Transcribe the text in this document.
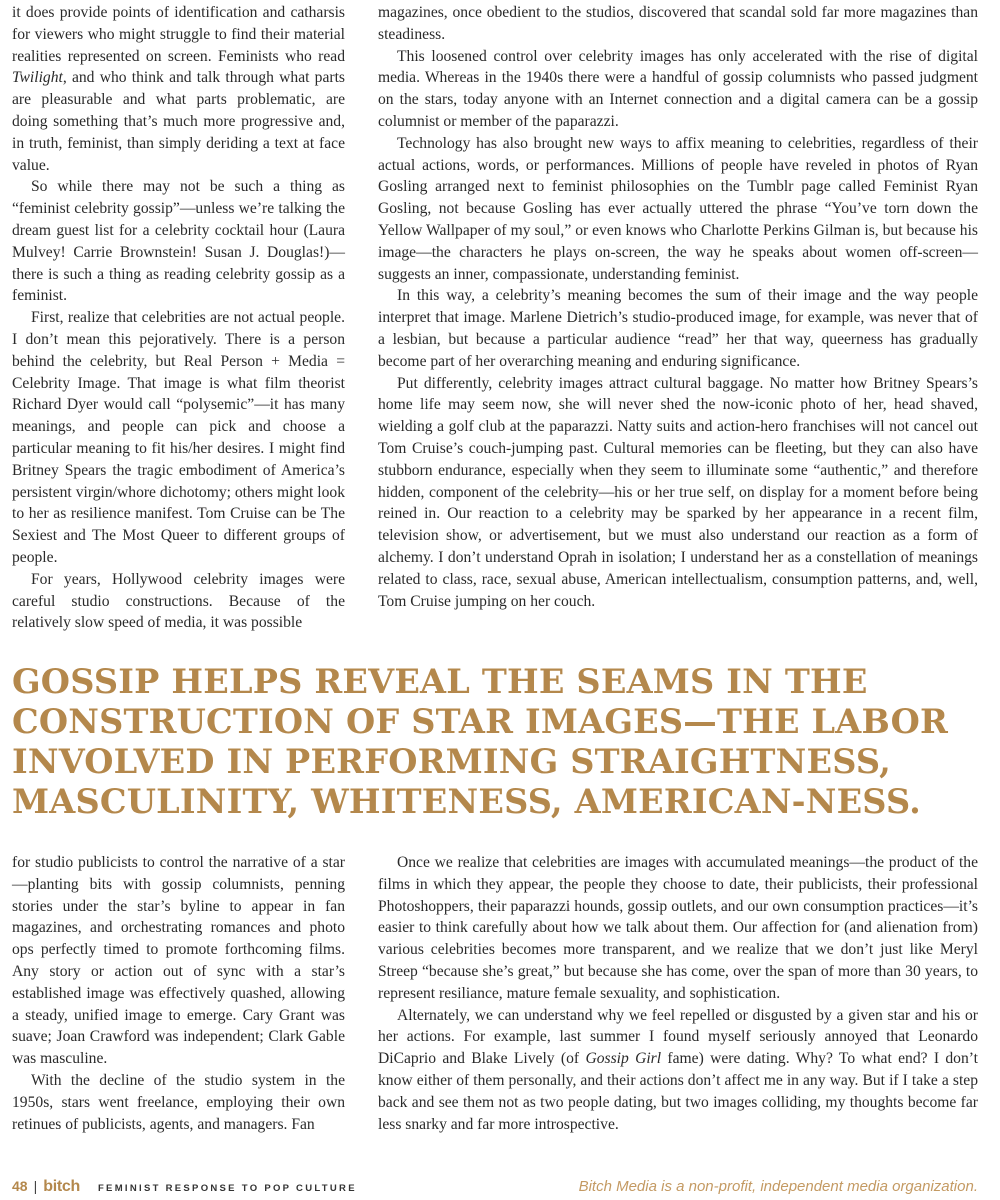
it does provide points of identification and catharsis for viewers who might struggle to find their material realities represented on screen. Feminists who read Twilight, and who think and talk through what parts are pleasurable and what parts problematic, are doing something that’s much more progressive and, in truth, feminist, than simply deriding a text at face value.

So while there may not be such a thing as “feminist celebrity gossip”—unless we’re talking the dream guest list for a celebrity cocktail hour (Laura Mulvey! Carrie Brownstein! Susan J. Douglas!)—there is such a thing as reading celebrity gossip as a feminist.

First, realize that celebrities are not actual people. I don’t mean this pejoratively. There is a person behind the celebrity, but Real Person + Media = Celebrity Image. That image is what film theorist Richard Dyer would call “polysemic”—it has many meanings, and people can pick and choose a particular meaning to fit his/her desires. I might find Britney Spears the tragic embodiment of America’s persistent virgin/whore dichotomy; others might look to her as resilience manifest. Tom Cruise can be The Sexiest and The Most Queer to different groups of people.

For years, Hollywood celebrity images were careful studio constructions. Because of the relatively slow speed of media, it was possible

magazines, once obedient to the studios, discovered that scandal sold far more magazines than steadiness.

This loosened control over celebrity images has only accelerated with the rise of digital media. Whereas in the 1940s there were a handful of gossip columnists who passed judgment on the stars, today anyone with an Internet connection and a digital camera can be a gossip columnist or member of the paparazzi.

Technology has also brought new ways to affix meaning to celebrities, regardless of their actual actions, words, or performances. Millions of people have reveled in photos of Ryan Gosling arranged next to feminist philosophies on the Tumblr page called Feminist Ryan Gosling, not because Gosling has ever actually uttered the phrase “You’ve torn down the Yellow Wallpaper of my soul,” or even knows who Charlotte Perkins Gilman is, but because his image—the characters he plays on-screen, the way he speaks about women off-screen—suggests an inner, compassionate, understanding feminist.

In this way, a celebrity’s meaning becomes the sum of their image and the way people interpret that image. Marlene Dietrich’s studio-produced image, for example, was never that of a lesbian, but because a particular audience “read” her that way, queerness has gradually become part of her overarching meaning and enduring significance.

Put differently, celebrity images attract cultural baggage. No matter how Britney Spears’s home life may seem now, she will never shed the now-iconic photo of her, head shaved, wielding a golf club at the paparazzi. Natty suits and action-hero franchises will not cancel out Tom Cruise’s couch-jumping past. Cultural memories can be fleeting, but they can also have stubborn endurance, especially when they seem to illuminate some “authentic,” and therefore hidden, component of the celebrity—his or her true self, on display for a moment before being reined in. Our reaction to a celebrity may be sparked by her appearance in a recent film, television show, or advertisement, but we must also understand our reaction as a form of alchemy. I don’t understand Oprah in isolation; I understand her as a constellation of meanings related to class, race, sexual abuse, American intellectualism, consumption patterns, and, well, Tom Cruise jumping on her couch.

GOSSIP HELPS REVEAL THE SEAMS IN THE CONSTRUCTION OF STAR IMAGES—THE LABOR INVOLVED IN PERFORMING STRAIGHTNESS, MASCULINITY, WHITENESS, AMERICAN-NESS.

for studio publicists to control the narrative of a star—planting bits with gossip columnists, penning stories under the star’s byline to appear in fan magazines, and orchestrating romances and photo ops perfectly timed to promote forthcoming films. Any story or action out of sync with a star’s established image was effectively quashed, allowing a steady, unified image to emerge. Cary Grant was suave; Joan Crawford was independent; Clark Gable was masculine.

With the decline of the studio system in the 1950s, stars went freelance, employing their own retinues of publicists, agents, and managers. Fan

Once we realize that celebrities are images with accumulated meanings—the product of the films in which they appear, the people they choose to date, their publicists, their professional Photoshoppers, their paparazzi hounds, gossip outlets, and our own consumption practices—it’s easier to think carefully about how we talk about them. Our affection for (and alienation from) various celebrities becomes more transparent, and we realize that we don’t just like Meryl Streep “because she’s great,” but because she has come, over the span of more than 30 years, to represent resiliance, mature female sexuality, and sophistication.

Alternately, we can understand why we feel repelled or disgusted by a given star and his or her actions. For example, last summer I found myself seriously annoyed that Leonardo DiCaprio and Blake Lively (of Gossip Girl fame) were dating. Why? To what end? I don’t know either of them personally, and their actions don’t affect me in any way. But if I take a step back and see them not as two people dating, but two images colliding, my thoughts become far less snarky and far more introspective.

48 | bitch FEMINIST RESPONSE TO POP CULTURE	Bitch Media is a non-profit, independent media organization.
